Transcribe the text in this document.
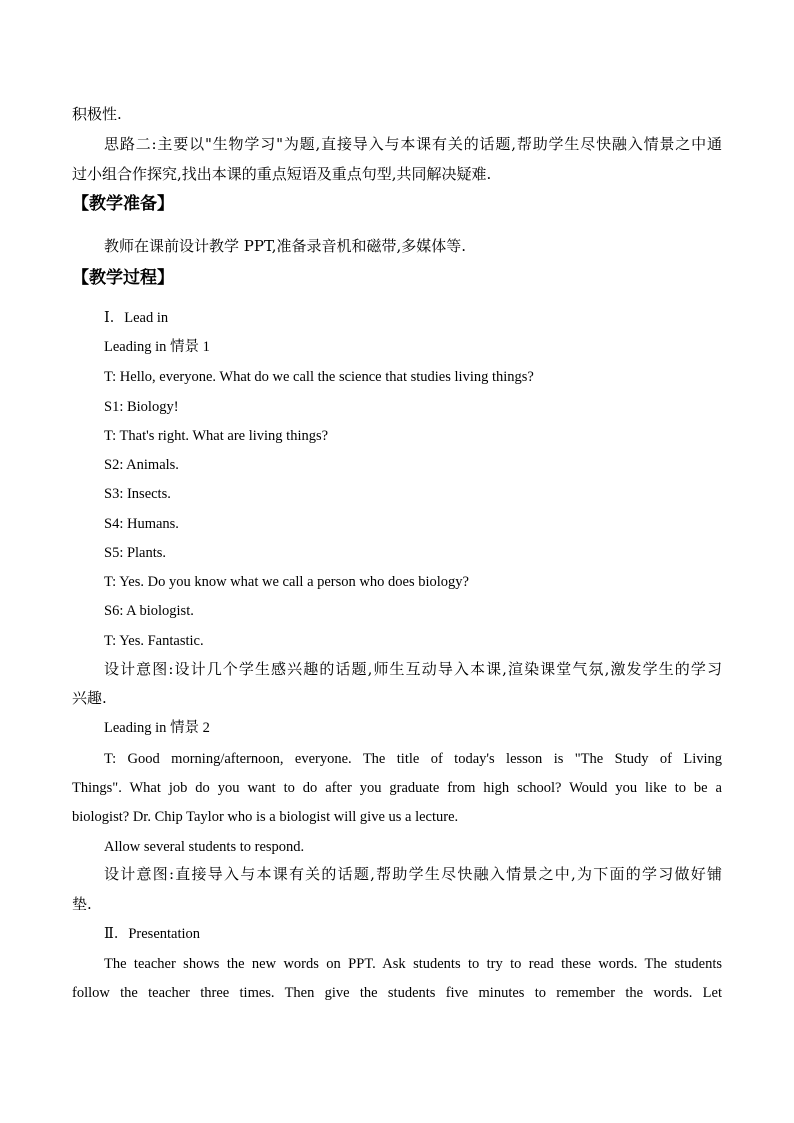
积极性.

思路二:主要以"生物学习"为题,直接导入与本课有关的话题,帮助学生尽快融入情景之中通

过小组合作探究,找出本课的重点短语及重点句型,共同解决疑难.

【教学准备】

教师在课前设计教学 PPT,准备录音机和磁带,多媒体等.

【教学过程】

Ⅰ．Lead in

Leading in 情景 1

T: Hello, everyone. What do we call the science that studies living things?

S1: Biology!

T: That's right. What are living things?

S2: Animals.

S3: Insects.

S4: Humans.

S5: Plants.

T: Yes. Do you know what we call a person who does biology?

S6: A biologist.

T: Yes. Fantastic.

设计意图:设计几个学生感兴趣的话题,师生互动导入本课,渲染课堂气氛,激发学生的学习

兴趣.

Leading in 情景 2

T: Good morning/afternoon, everyone. The title of today's lesson is "The Study of Living

Things". What job do you want to do after you graduate from high school? Would you like to be a

biologist? Dr. Chip Taylor who is a biologist will give us a lecture.

Allow several students to respond.

设计意图:直接导入与本课有关的话题,帮助学生尽快融入情景之中,为下面的学习做好铺

垫.

Ⅱ．Presentation

The teacher shows the new words on PPT. Ask students to try to read these words. The students

follow the teacher three times. Then give the students five minutes to remember the words. Let
